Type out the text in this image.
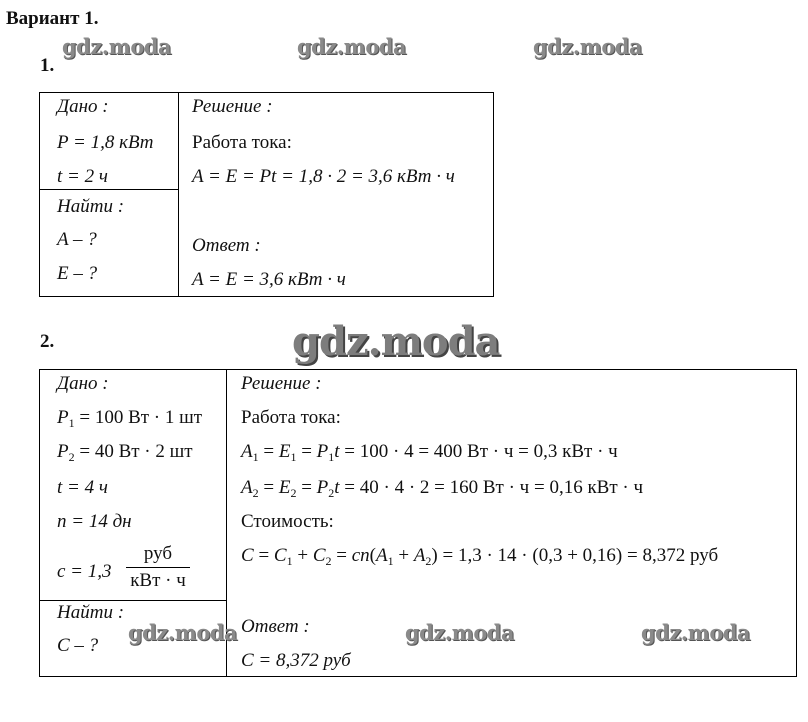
Вариант 1.
gdz.moda	gdz.moda	gdz.moda
1.
Дано :
P = 1,8 кВт
t = 2 ч
Найти :
A – ?
E – ?
Решение :
Работа тока:
A = E = Pt = 1,8 · 2 = 3,6 кВт · ч
Ответ :
A = E = 3,6 кВт · ч
gdz.moda
2.
Дано :
$P_1 = 100$ Вт · 1 шт
$P_2 = 40$ Вт · 2 шт
t = 4 ч
n = 14 дн
c = 1,3
руб
кВт · ч
Найти :
C – ?
Решение :
Работа тока:
$A_1 = E_1 = P_1t = 100 \cdot 4 = 400$ Вт · ч = 0,3 кВт · ч
$A_2 = E_2 = P_2t = 40 \cdot 4 \cdot 2 = 160$ Вт · ч = 0,16 кВт · ч
Стоимость:
$C = C_1 + C_2 = cn(A_1 + A_2) = 1,3 \cdot 14 \cdot (0,3 + 0,16) = 8,372$ руб
Ответ :
C = 8,372 руб
gdz.moda	gdz.moda	gdz.moda
